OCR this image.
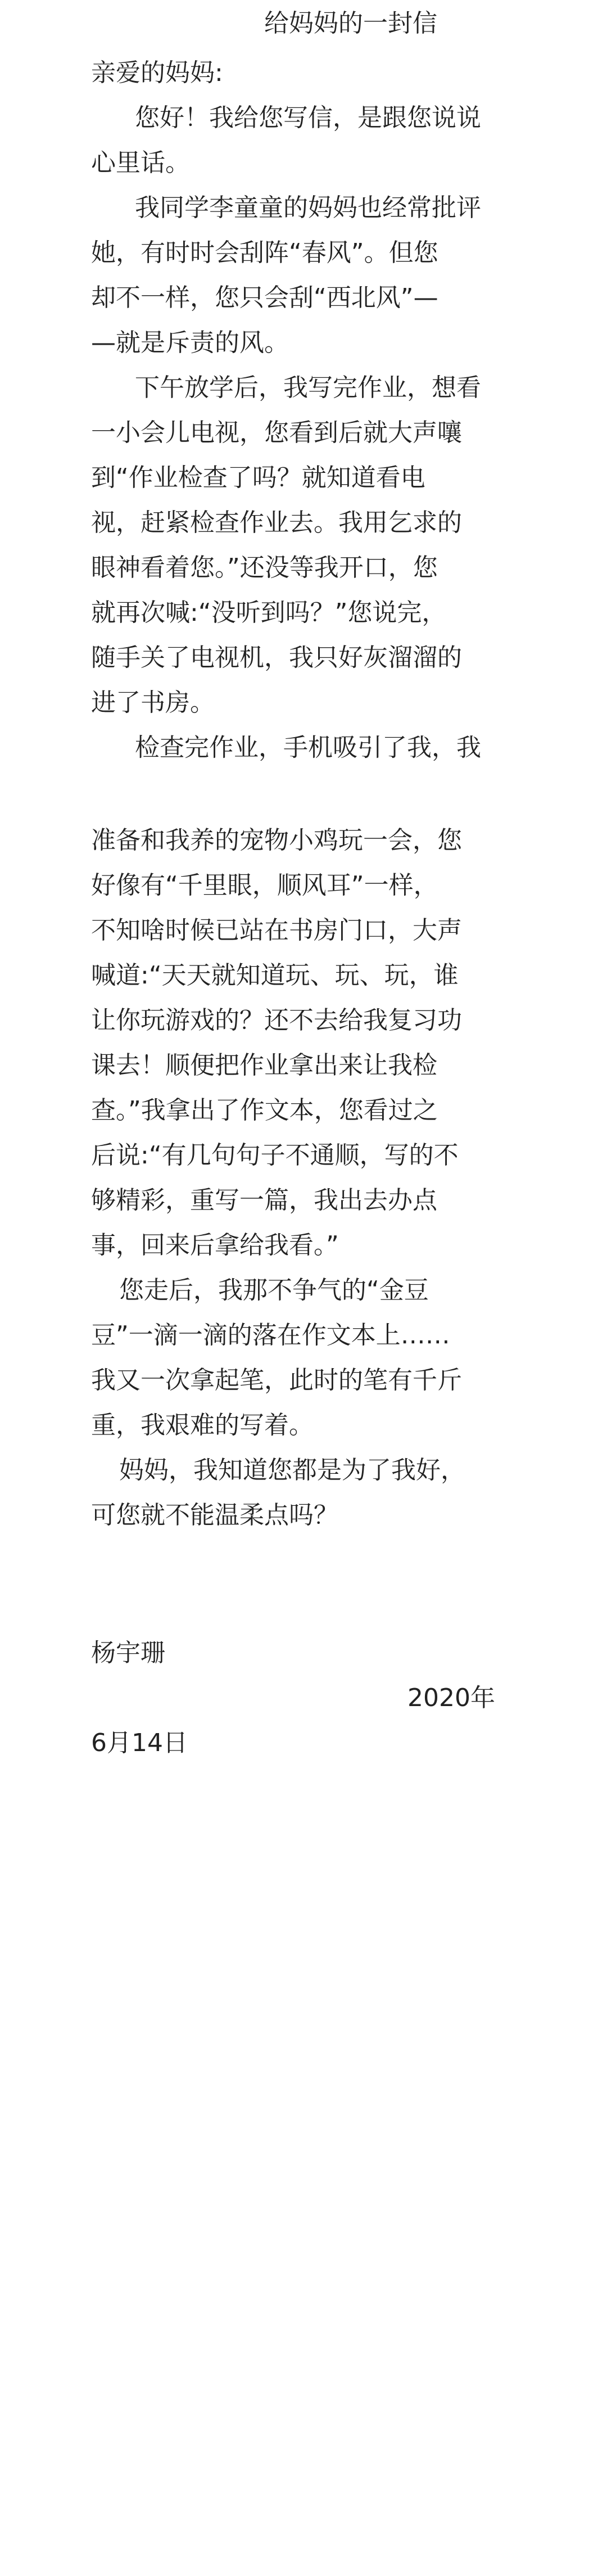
给妈妈的一封信
亲爱的妈妈:
您好！我给您写信，是跟您说说
心里话。
我同学李童童的妈妈也经常批评
她，有时时会刮阵“春风”。但您
却不一样，您只会刮“西北风”—
—就是斥责的风。
下午放学后，我写完作业，想看
一小会儿电视，您看到后就大声嚷
到“作业检查了吗？就知道看电
视，赶紧检查作业去。我用乞求的
眼神看着您。”还没等我开口，您
就再次喊:“没听到吗？”您说完，
随手关了电视机，我只好灰溜溜的
进了书房。
检查完作业，手机吸引了我，我
准备和我养的宠物小鸡玩一会，您
好像有“千里眼，顺风耳”一样，
不知啥时候已站在书房门口，大声
喊道:“天天就知道玩、玩、玩，谁
让你玩游戏的？还不去给我复习功
课去！顺便把作业拿出来让我检
查。”我拿出了作文本，您看过之
后说:“有几句句子不通顺，写的不
够精彩，重写一篇，我出去办点
事，回来后拿给我看。”
您走后，我那不争气的“金豆
豆”一滴一滴的落在作文本上……
我又一次拿起笔，此时的笔有千斤
重，我艰难的写着。
妈妈，我知道您都是为了我好，
可您就不能温柔点吗？
杨宇珊
2020年
6月14日
